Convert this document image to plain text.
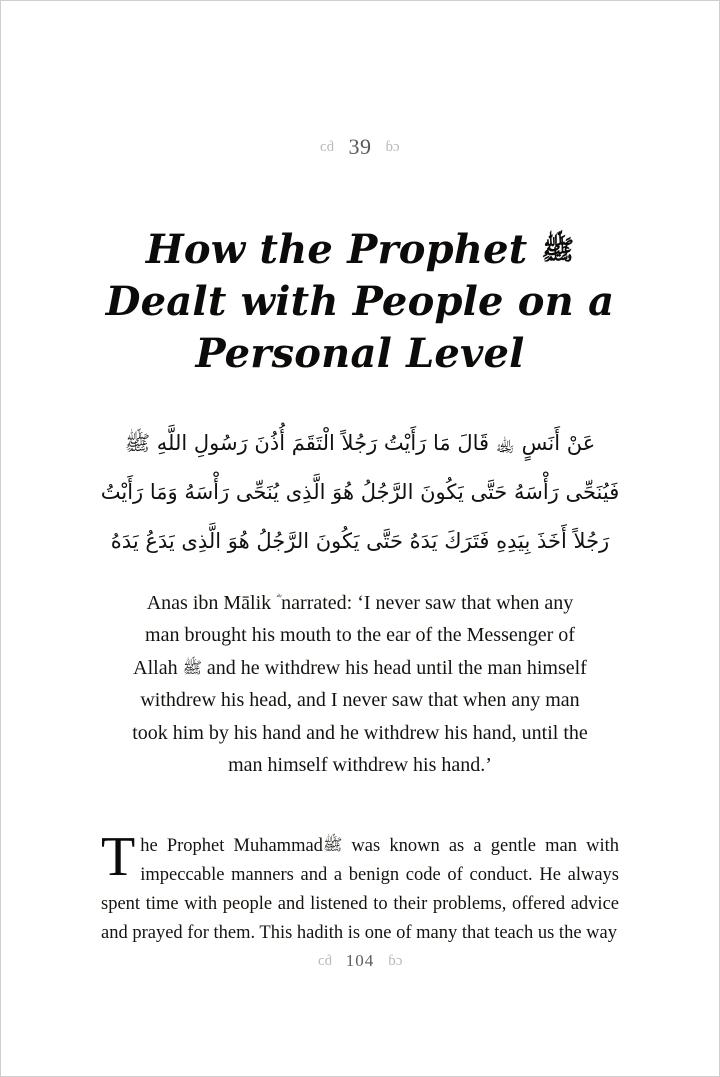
ɓɔ 39 ɓɔ
How the Prophet ﷺ
Dealt with People on a
Personal Level
عَنْ أَنَسٍ ﵀ قَالَ مَا رَأَيْتُ رَجُلاً الْتَقَمَ أُذُنَ رَسُولِ اللَّهِ ﷺ
فَيُنَحِّى رَأْسَهُ حَتَّى يَكُونَ الرَّجُلُ هُوَ الَّذِى يُنَحِّى رَأْسَهُ وَمَا رَأَيْتُ
رَجُلاً أَخَذَ بِيَدِهِ فَتَرَكَ يَدَهُ حَتَّى يَكُونَ الرَّجُلُ هُوَ الَّذِى يَدَعُ يَدَهُ
Anas ibn Mālik narrated: ‘I never saw that when any
man brought his mouth to the ear of the Messenger of
Allah ﷺ and he withdrew his head until the man himself
withdrew his head, and I never saw that when any man
took him by his hand and he withdrew his hand, until the
man himself withdrew his hand.’

The Prophet Muhammadﷺ was known as a gentle man with impeccable manners and a benign code of conduct. He always spent time with people and listened to their problems, offered advice and prayed for them. This hadith is one of many that teach us the way

ɓɔ 104 ɓɔ
